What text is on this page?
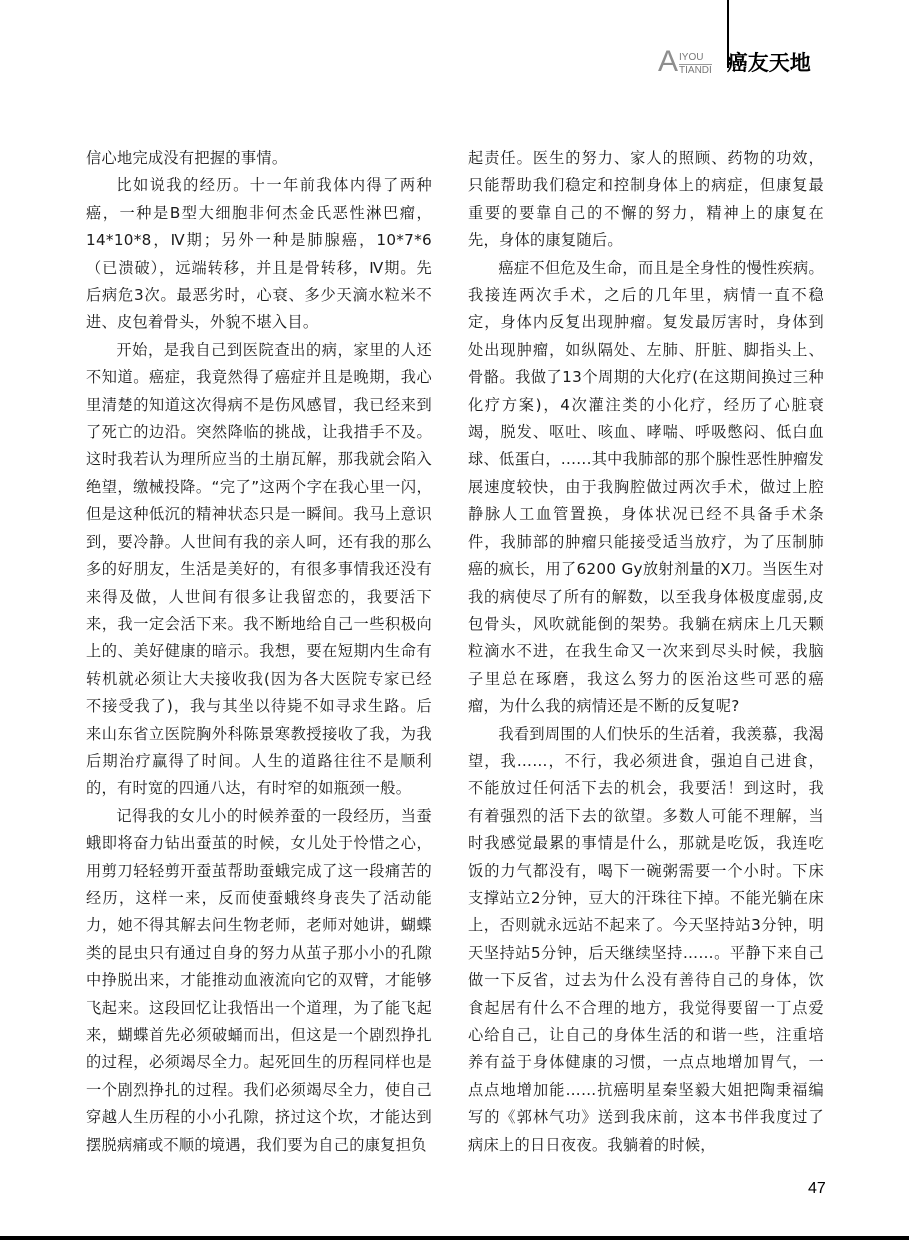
A IYOU
TIANDI 癌友天地

信心地完成没有把握的事情。

比如说我的经历。十一年前我体内得了两种癌，一种是B型大细胞非何杰金氏恶性淋巴瘤，14*10*8，Ⅳ期；另外一种是肺腺癌，10*7*6（已溃破），远端转移，并且是骨转移，Ⅳ期。先后病危3次。最恶劣时，心衰、多少天滴水粒米不进、皮包着骨头，外貌不堪入目。

开始，是我自己到医院查出的病，家里的人还不知道。癌症，我竟然得了癌症并且是晚期，我心里清楚的知道这次得病不是伤风感冒，我已经来到了死亡的边沿。突然降临的挑战，让我措手不及。这时我若认为理所应当的土崩瓦解，那我就会陷入绝望，缴械投降。“完了”这两个字在我心里一闪，但是这种低沉的精神状态只是一瞬间。我马上意识到，要冷静。人世间有我的亲人呵，还有我的那么多的好朋友，生活是美好的，有很多事情我还没有来得及做，人世间有很多让我留恋的，我要活下来，我一定会活下来。我不断地给自己一些积极向上的、美好健康的暗示。我想，要在短期内生命有转机就必须让大夫接收我(因为各大医院专家已经不接受我了)，我与其坐以待毙不如寻求生路。后来山东省立医院胸外科陈景寒教授接收了我，为我后期治疗赢得了时间。人生的道路往往不是顺利的，有时宽的四通八达，有时窄的如瓶颈一般。

记得我的女儿小的时候养蚕的一段经历，当蚕蛾即将奋力钻出蚕茧的时候，女儿处于怜惜之心，用剪刀轻轻剪开蚕茧帮助蚕蛾完成了这一段痛苦的经历，这样一来，反而使蚕蛾终身丧失了活动能力，她不得其解去问生物老师，老师对她讲，蝴蝶类的昆虫只有通过自身的努力从茧子那小小的孔隙中挣脱出来，才能推动血液流向它的双臂，才能够飞起来。这段回忆让我悟出一个道理，为了能飞起来，蝴蝶首先必须破蛹而出，但这是一个剧烈挣扎的过程，必须竭尽全力。起死回生的历程同样也是一个剧烈挣扎的过程。我们必须竭尽全力，使自己穿越人生历程的小小孔隙，挤过这个坎，才能达到摆脱病痛或不顺的境遇，我们要为自己的康复担负

起责任。医生的努力、家人的照顾、药物的功效，只能帮助我们稳定和控制身体上的病症，但康复最重要的要靠自己的不懈的努力，精神上的康复在先，身体的康复随后。

癌症不但危及生命，而且是全身性的慢性疾病。我接连两次手术，之后的几年里，病情一直不稳定，身体内反复出现肿瘤。复发最厉害时，身体到处出现肿瘤，如纵隔处、左肺、肝脏、脚指头上、骨骼。我做了13个周期的大化疗(在这期间换过三种化疗方案)，4次灌注类的小化疗，经历了心脏衰竭，脱发、呕吐、咳血、哮喘、呼吸憋闷、低白血球、低蛋白，......其中我肺部的那个腺性恶性肿瘤发展速度较快，由于我胸腔做过两次手术，做过上腔静脉人工血管置换，身体状况已经不具备手术条件，我肺部的肿瘤只能接受适当放疗，为了压制肺癌的疯长，用了6200 Gy放射剂量的X刀。当医生对我的病使尽了所有的解数，以至我身体极度虚弱,皮包骨头，风吹就能倒的架势。我躺在病床上几天颗粒滴水不进，在我生命又一次来到尽头时候，我脑子里总在琢磨，我这么努力的医治这些可恶的癌瘤，为什么我的病情还是不断的反复呢?

我看到周围的人们快乐的生活着，我羡慕，我渴望，我……，不行，我必须进食，强迫自己进食，不能放过任何活下去的机会，我要活！到这时，我有着强烈的活下去的欲望。多数人可能不理解，当时我感觉最累的事情是什么，那就是吃饭，我连吃饭的力气都没有，喝下一碗粥需要一个小时。下床支撑站立2分钟，豆大的汗珠往下掉。不能光躺在床上，否则就永远站不起来了。今天坚持站3分钟，明天坚持站5分钟，后天继续坚持……。平静下来自己做一下反省，过去为什么没有善待自己的身体，饮食起居有什么不合理的地方，我觉得要留一丁点爱心给自己，让自己的身体生活的和谐一些，注重培养有益于身体健康的习惯，一点点地增加胃气，一点点地增加能……抗癌明星秦坚毅大姐把陶秉福编写的《郭林气功》送到我床前，这本书伴我度过了病床上的日日夜夜。我躺着的时候，

47
